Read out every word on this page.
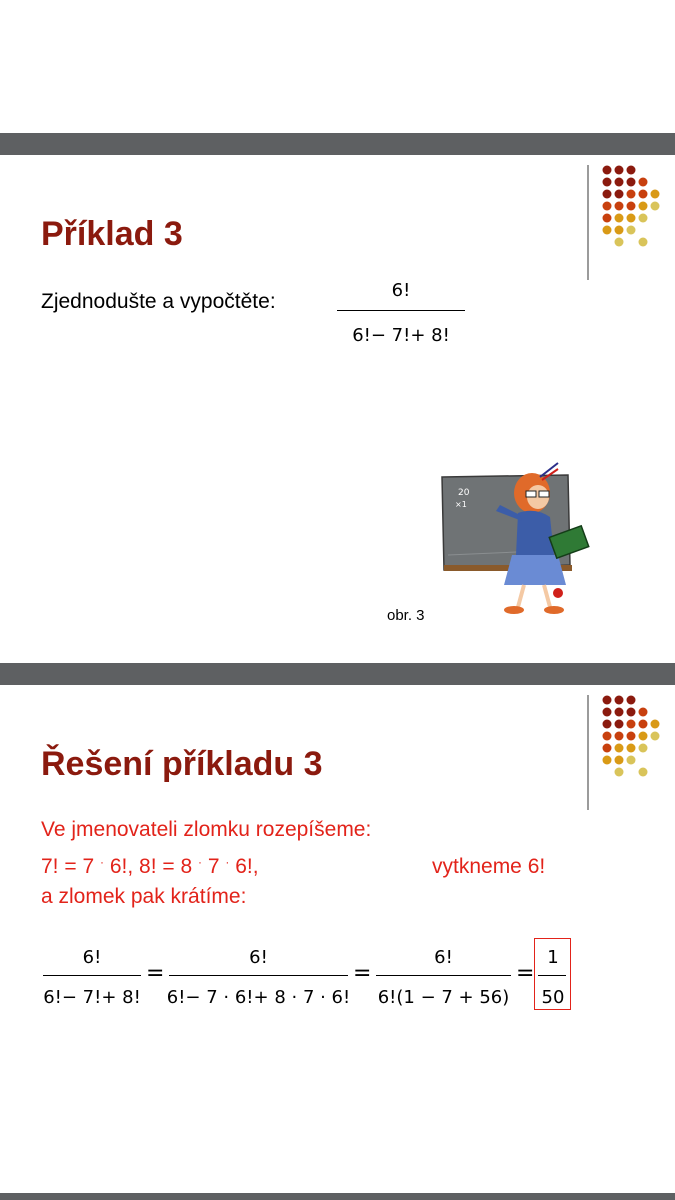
Příklad 3
Zjednodušte a vypočtěte:	6!
6!− 7!+ 8!
20
×1
obr. 3
Řešení příkladu 3
Ve jmenovateli zlomku rozepíšeme:
7! = 7 · 6!, 8! = 8 · 7 · 6!,	vytkneme 6!
a zlomek pak krátíme:
6!
6!− 7!+ 8!
=
6!
6!− 7 · 6!+ 8 · 7 · 6!
=
6!
6!(1 − 7 + 56)
=
1
50
